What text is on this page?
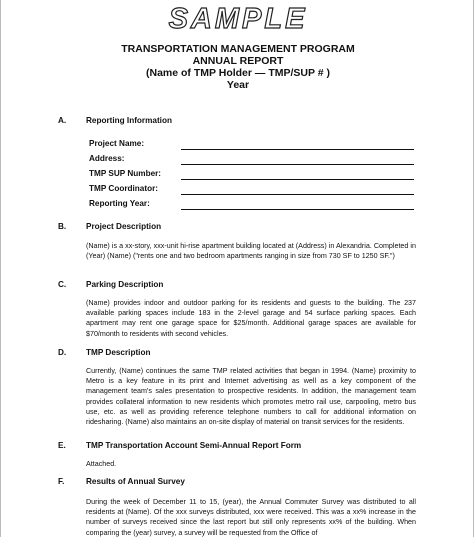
SAMPLE
TRANSPORTATION MANAGEMENT PROGRAM
ANNUAL REPORT
(Name of TMP Holder — TMP/SUP # )
Year
A. Reporting Information
Project Name:
Address:
TMP SUP Number:
TMP Coordinator:
Reporting Year:
B. Project Description
(Name) is a xx-story, xxx-unit hi-rise apartment building located at (Address) in Alexandria. Completed in (Year) (Name) ("rents one and two bedroom apartments ranging in size from 730 SF to 1250 SF.")
C. Parking Description
(Name) provides indoor and outdoor parking for its residents and guests to the building. The 237 available parking spaces include 183 in the 2-level garage and 54 surface parking spaces. Each apartment may rent one garage space for $25/month. Additional garage spaces are available for $70/month to residents with second vehicles.
D. TMP Description
Currently, (Name) continues the same TMP related activities that began in 1994. (Name) proximity to Metro is a key feature in its print and Internet advertising as well as a key component of the management team's sales presentation to prospective residents. In addition, the management team provides collateral information to new residents which promotes metro rail use, carpooling, metro bus use, etc. as well as providing reference telephone numbers to call for additional information on ridesharing. (Name) also maintains an on-site display of material on transit services for the residents.
E. TMP Transportation Account Semi-Annual Report Form
Attached.
F.	Results of Annual Survey
During the week of December 11 to 15, (year), the Annual Commuter Survey was distributed to all residents at (Name). Of the xxx surveys distributed, xxx were received. This was a xx% increase in the number of surveys received since the last report but still only represents xx% of the building. When comparing the (year) survey, a survey will be requested from the Office of
